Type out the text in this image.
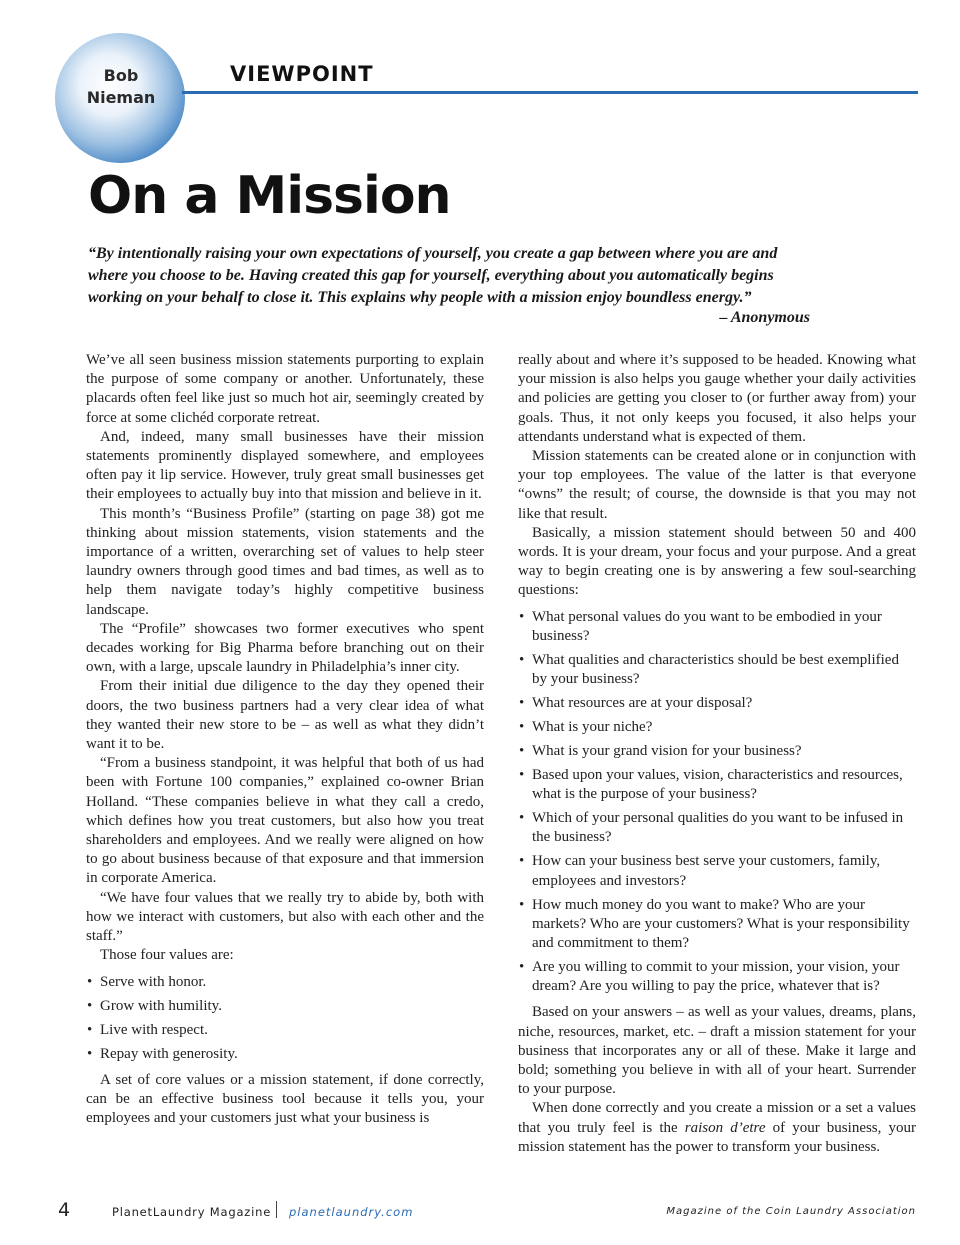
Bob
Nieman
VIEWPOINT
On a Mission
“By intentionally raising your own expectations of yourself, you create a gap between where you are and where you choose to be. Having created this gap for yourself, everything about you automatically begins working on your behalf to close it. This explains why people with a mission enjoy boundless energy.”
– Anonymous

We’ve all seen business mission statements purporting to explain the purpose of some company or another. Unfortunately, these placards often feel like just so much hot air, seemingly created by force at some clichéd corporate retreat.

And, indeed, many small businesses have their mission statements prominently displayed somewhere, and employees often pay it lip service. However, truly great small businesses get their employees to actually buy into that mission and believe in it.

This month’s “Business Profile” (starting on page 38) got me thinking about mission statements, vision statements and the importance of a written, overarching set of values to help steer laundry owners through good times and bad times, as well as to help them navigate today’s highly competitive business landscape.

The “Profile” showcases two former executives who spent decades working for Big Pharma before branching out on their own, with a large, upscale laundry in Philadelphia’s inner city.

From their initial due diligence to the day they opened their doors, the two business partners had a very clear idea of what they wanted their new store to be – as well as what they didn’t want it to be.

“From a business standpoint, it was helpful that both of us had been with Fortune 100 companies,” explained co-owner Brian Holland. “These companies believe in what they call a credo, which defines how you treat customers, but also how you treat shareholders and employees. And we really were aligned on how to go about business because of that exposure and that immersion in corporate America.

“We have four values that we really try to abide by, both with how we interact with customers, but also with each other and the staff.”

Those four values are:

• Serve with honor.
• Grow with humility.
• Live with respect.
• Repay with generosity.

A set of core values or a mission statement, if done correctly, can be an effective business tool because it tells you, your employees and your customers just what your business is

really about and where it’s supposed to be headed. Knowing what your mission is also helps you gauge whether your daily activities and policies are getting you closer to (or further away from) your goals. Thus, it not only keeps you focused, it also helps your attendants understand what is expected of them.

Mission statements can be created alone or in conjunction with your top employees. The value of the latter is that everyone “owns” the result; of course, the downside is that you may not like that result.

Basically, a mission statement should between 50 and 400 words. It is your dream, your focus and your purpose. And a great way to begin creating one is by answering a few soul-searching questions:

• What personal values do you want to be embodied in your business?
• What qualities and characteristics should be best exemplified by your business?
• What resources are at your disposal?
• What is your niche?
• What is your grand vision for your business?
• Based upon your values, vision, characteristics and resources, what is the purpose of your business?
• Which of your personal qualities do you want to be infused in the business?
• How can your business best serve your customers, family, employees and investors?
• How much money do you want to make? Who are your markets? Who are your customers? What is your responsibility and commitment to them?
• Are you willing to commit to your mission, your vision, your dream? Are you willing to pay the price, whatever that is?

Based on your answers – as well as your values, dreams, plans, niche, resources, market, etc. – draft a mission statement for your business that incorporates any or all of these. Make it large and bold; something you believe in with all of your heart. Surrender to your purpose.

When done correctly and you create a mission or a set a values that you truly feel is the raison d’etre of your business, your mission statement has the power to transform your business.

4	PlanetLaundry Magazine planetlaundry.com	Magazine of the Coin Laundry Association
